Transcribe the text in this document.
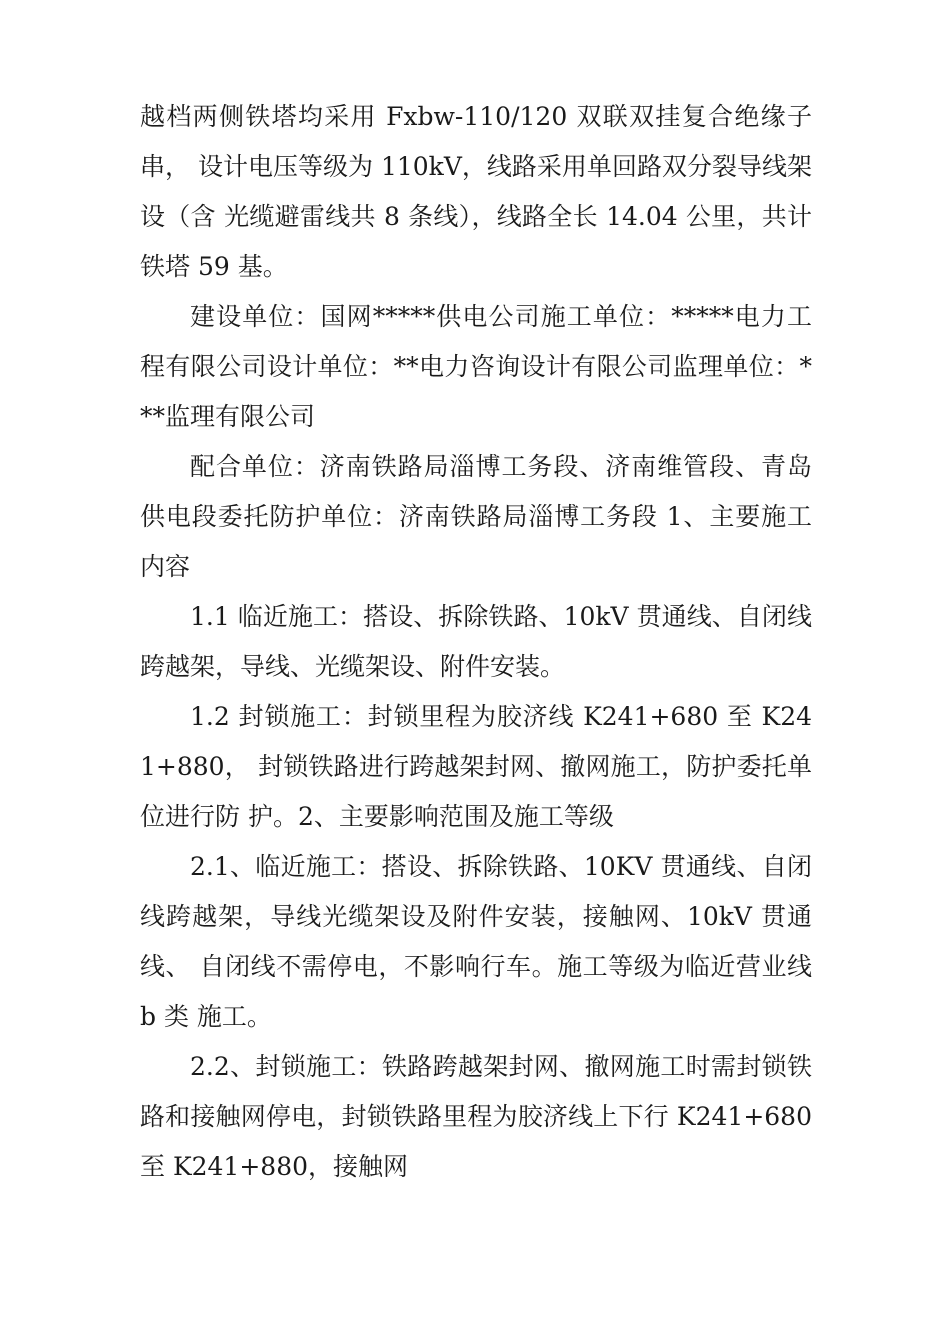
越档两侧铁塔均采用 Fxbw-110/120 双联双挂复合绝缘子串， 设计电压等级为 110kV，线路采用单回路双分裂导线架设（含 光缆避雷线共 8 条线），线路全长 14.04 公里，共计铁塔 59 基。

建设单位：国网*****供电公司施工单位：*****电力工程有限公司设计单位：**电力咨询设计有限公司监理单位：***监理有限公司

配合单位：济南铁路局淄博工务段、济南维管段、青岛供电段委托防护单位：济南铁路局淄博工务段 1、主要施工内容

1.1 临近施工：搭设、拆除铁路、10kV 贯通线、自闭线跨越架，导线、光缆架设、附件安装。

1.2 封锁施工：封锁里程为胶济线 K241+680 至 K241+880， 封锁铁路进行跨越架封网、撤网施工，防护委托单位进行防 护。2、主要影响范围及施工等级

2.1、临近施工：搭设、拆除铁路、10KV 贯通线、自闭线跨越架，导线光缆架设及附件安装，接触网、10kV 贯通线、 自闭线不需停电，不影响行车。施工等级为临近营业线 b 类 施工。

2.2、封锁施工：铁路跨越架封网、撤网施工时需封锁铁路和接触网停电，封锁铁路里程为胶济线上下行 K241+680 至 K241+880，接触网
